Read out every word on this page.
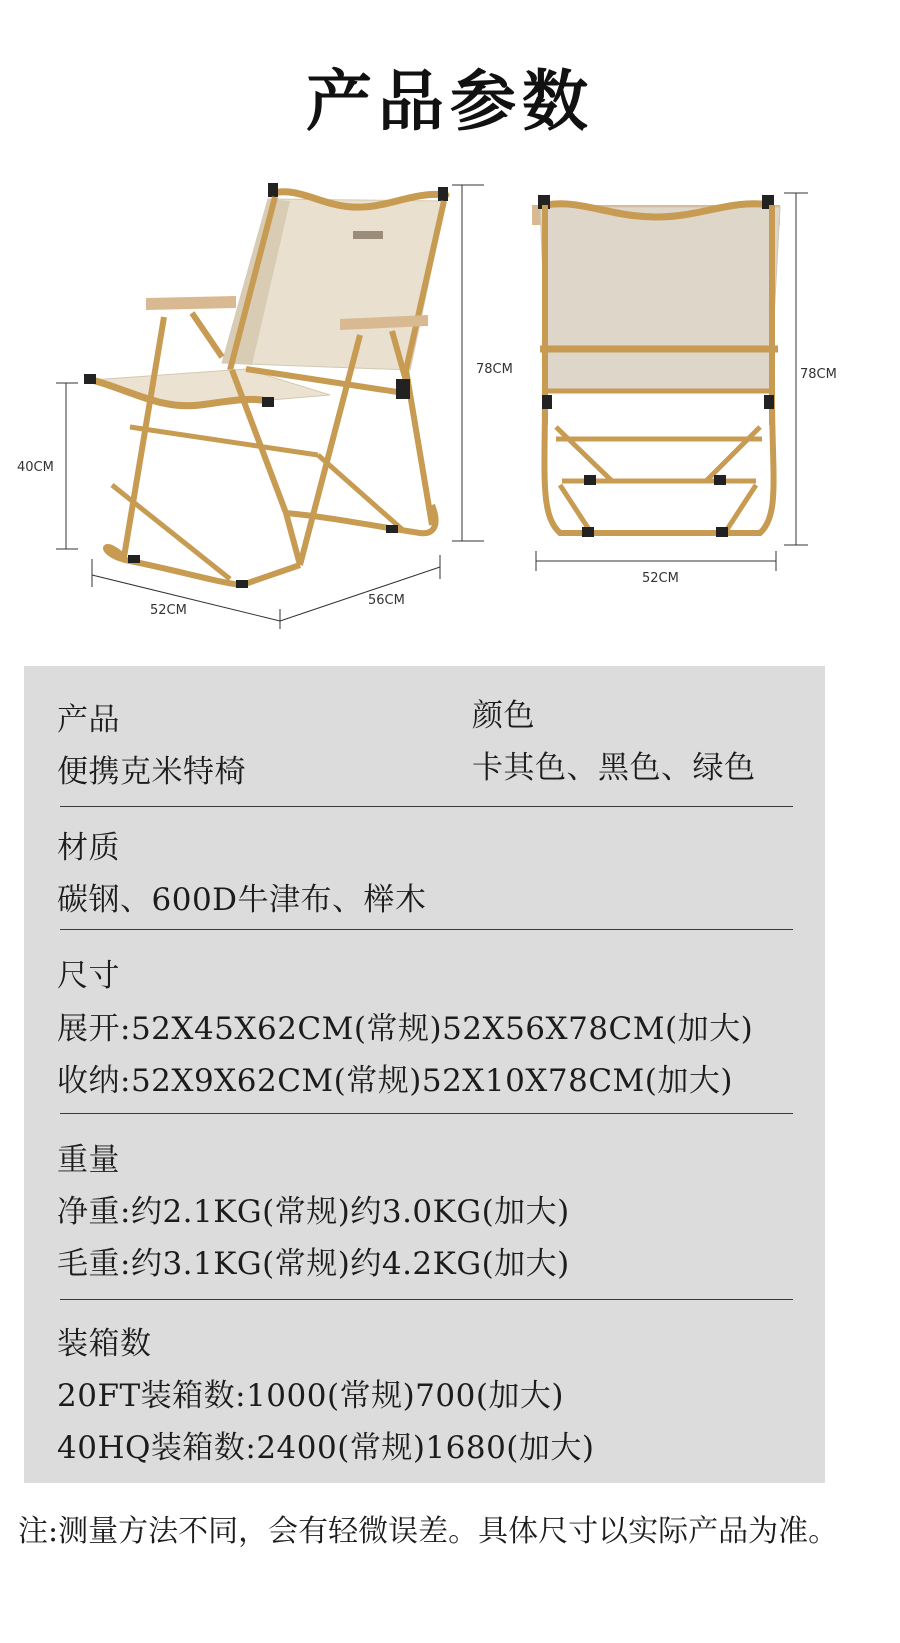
产品参数
40CM
78CM
52CM
56CM
78CM
52CM
产品
便携克米特椅
颜色
卡其色、黑色、绿色
材质
碳钢、600D牛津布、榉木
尺寸
展开:52X45X62CM(常规)52X56X78CM(加大)
收纳:52X9X62CM(常规)52X10X78CM(加大)
重量
净重:约2.1KG(常规)约3.0KG(加大)
毛重:约3.1KG(常规)约4.2KG(加大)
装箱数
20FT装箱数:1000(常规)700(加大)
40HQ装箱数:2400(常规)1680(加大)
注:测量方法不同，会有轻微误差。具体尺寸以实际产品为准。
